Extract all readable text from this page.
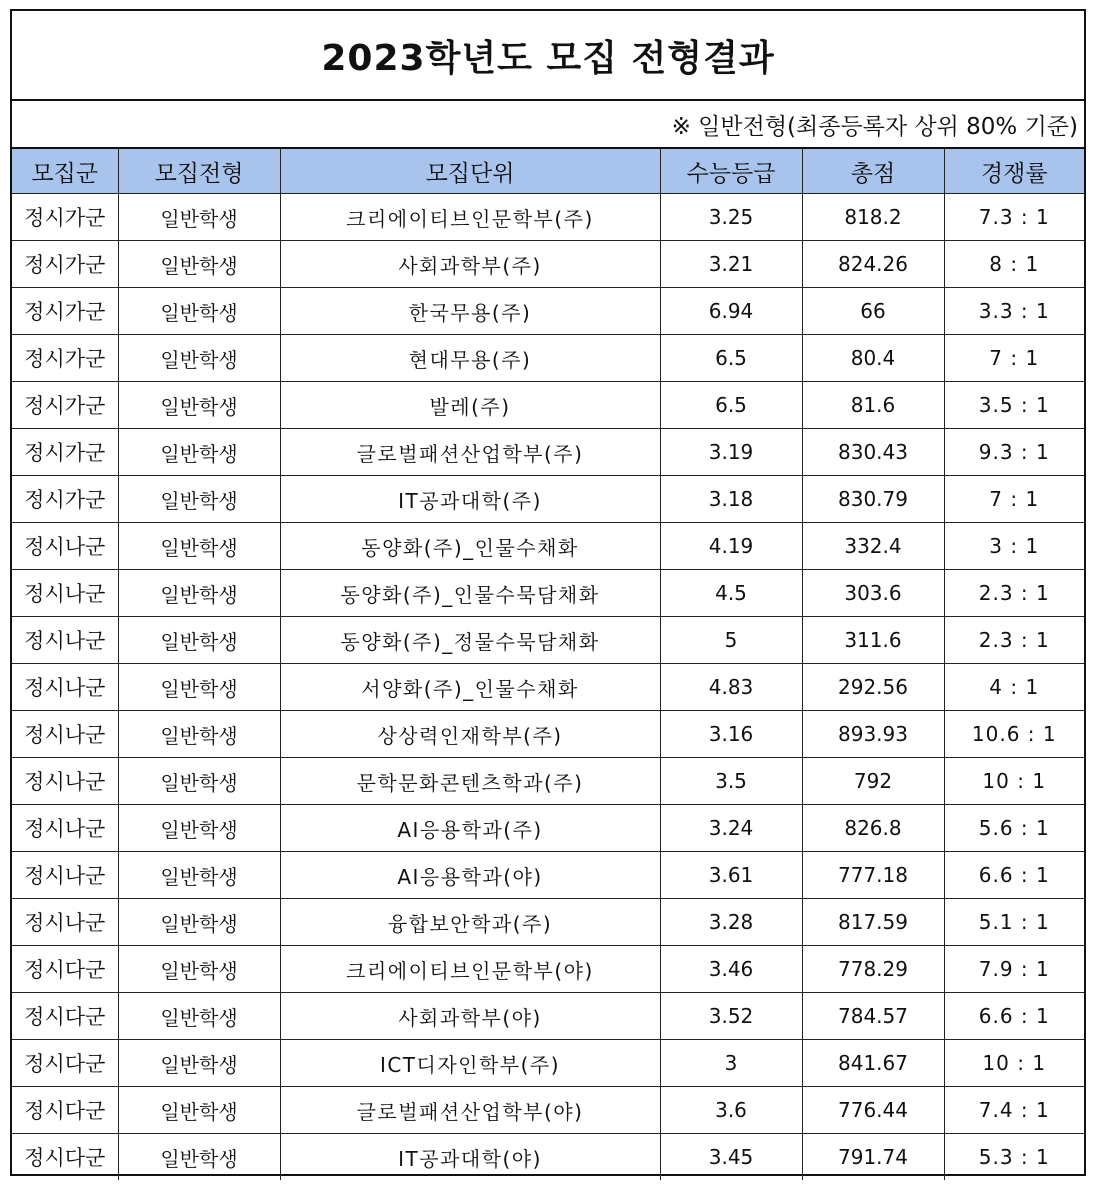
2023학년도 모집 전형결과
※ 일반전형(최종등록자 상위 80% 기준)
모집군	모집전형	모집단위	수능등급	총점	경쟁률
정시가군	일반학생	크리에이티브인문학부(주)	3.25	818.2	7.3 : 1
정시가군	일반학생	사회과학부(주)	3.21	824.26	8 : 1
정시가군	일반학생	한국무용(주)	6.94	66	3.3 : 1
정시가군	일반학생	현대무용(주)	6.5	80.4	7 : 1
정시가군	일반학생	발레(주)	6.5	81.6	3.5 : 1
정시가군	일반학생	글로벌패션산업학부(주)	3.19	830.43	9.3 : 1
정시가군	일반학생	IT공과대학(주)	3.18	830.79	7 : 1
정시나군	일반학생	동양화(주)_인물수채화	4.19	332.4	3 : 1
정시나군	일반학생	동양화(주)_인물수묵담채화	4.5	303.6	2.3 : 1
정시나군	일반학생	동양화(주)_정물수묵담채화	5	311.6	2.3 : 1
정시나군	일반학생	서양화(주)_인물수채화	4.83	292.56	4 : 1
정시나군	일반학생	상상력인재학부(주)	3.16	893.93	10.6 : 1
정시나군	일반학생	문학문화콘텐츠학과(주)	3.5	792	10 : 1
정시나군	일반학생	AI응용학과(주)	3.24	826.8	5.6 : 1
정시나군	일반학생	AI응용학과(야)	3.61	777.18	6.6 : 1
정시나군	일반학생	융합보안학과(주)	3.28	817.59	5.1 : 1
정시다군	일반학생	크리에이티브인문학부(야)	3.46	778.29	7.9 : 1
정시다군	일반학생	사회과학부(야)	3.52	784.57	6.6 : 1
정시다군	일반학생	ICT디자인학부(주)	3	841.67	10 : 1
정시다군	일반학생	글로벌패션산업학부(야)	3.6	776.44	7.4 : 1
정시다군	일반학생	IT공과대학(야)	3.45	791.74	5.3 : 1
